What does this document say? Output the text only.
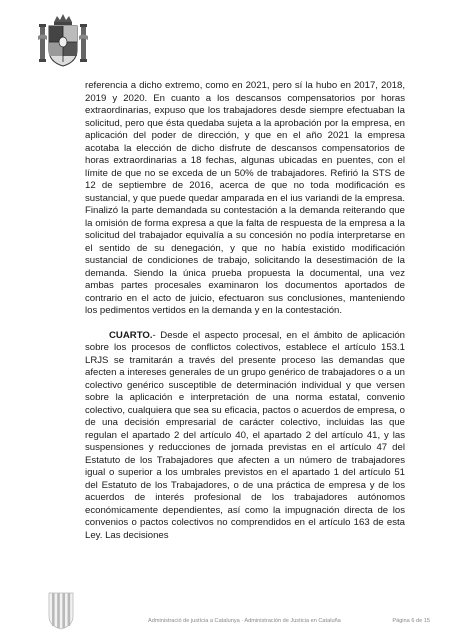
referencia a dicho extremo, como en 2021, pero sí la hubo en 2017, 2018, 2019 y 2020. En cuanto a los descansos compensatorios por horas extraordinarias, expuso que los trabajadores desde siempre efectuaban la solicitud, pero que ésta quedaba sujeta a la aprobación por la empresa, en aplicación del poder de dirección, y que en el año 2021 la empresa acotaba la elección de dicho disfrute de descansos compensatorios de horas extraordinarias a 18 fechas, algunas ubicadas en puentes, con el límite de que no se exceda de un 50% de trabajadores. Refirió la STS de 12 de septiembre de 2016, acerca de que no toda modificación es sustancial, y que puede quedar amparada en el ius variandi de la empresa. Finalizó la parte demandada su contestación a la demanda reiterando que la omisión de forma expresa a que la falta de respuesta de la empresa a la solicitud del trabajador equivalía a su concesión no podía interpretarse en el sentido de su denegación, y que no había existido modificación sustancial de condiciones de trabajo, solicitando la desestimación de la demanda. Siendo la única prueba propuesta la documental, una vez ambas partes procesales examinaron los documentos aportados de contrario en el acto de juicio, efectuaron sus conclusiones, manteniendo los pedimentos vertidos en la demanda y en la contestación.

CUARTO.- Desde el aspecto procesal, en el ámbito de aplicación sobre los procesos de conflictos colectivos, establece el artículo 153.1 LRJS se tramitarán a través del presente proceso las demandas que afecten a intereses generales de un grupo genérico de trabajadores o a un colectivo genérico susceptible de determinación individual y que versen sobre la aplicación e interpretación de una norma estatal, convenio colectivo, cualquiera que sea su eficacia, pactos o acuerdos de empresa, o de una decisión empresarial de carácter colectivo, incluidas las que regulan el apartado 2 del artículo 40, el apartado 2 del artículo 41, y las suspensiones y reducciones de jornada previstas en el artículo 47 del Estatuto de los Trabajadores que afecten a un número de trabajadores igual o superior a los umbrales previstos en el apartado 1 del artículo 51 del Estatuto de los Trabajadores, o de una práctica de empresa y de los acuerdos de interés profesional de los trabajadores autónomos económicamente dependientes, así como la impugnación directa de los convenios o pactos colectivos no comprendidos en el artículo 163 de esta Ley. Las decisiones

Administració de justícia a Catalunya · Administración de Justicia en Cataluña	Página 6 de 15
